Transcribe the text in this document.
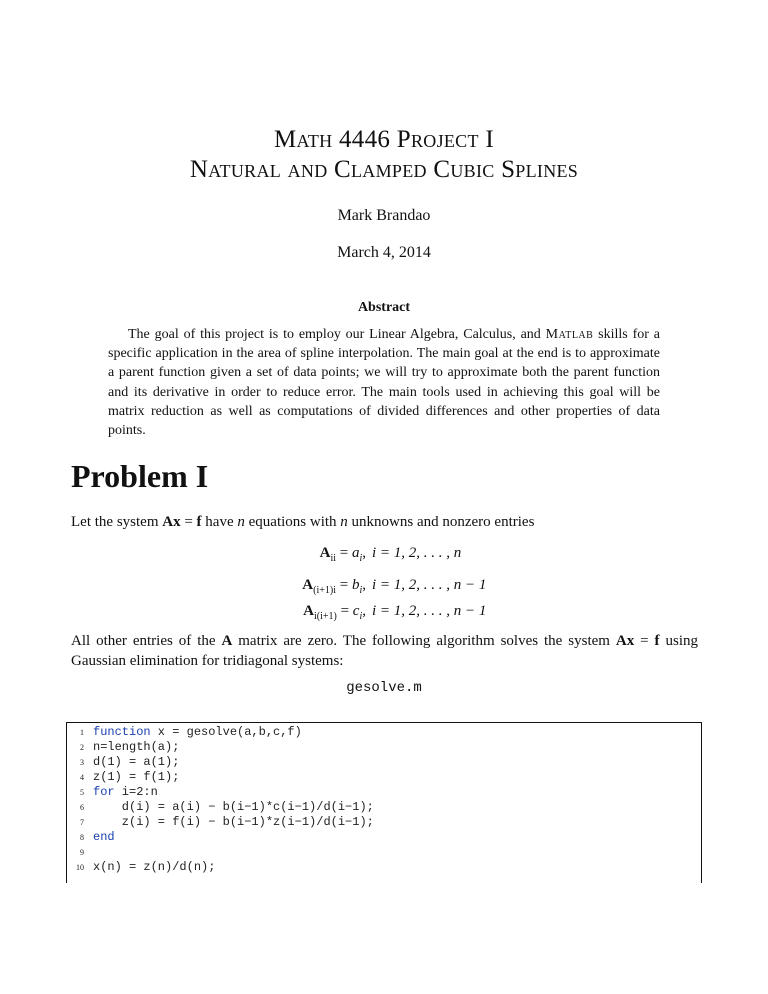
Math 4446 Project I
Natural and Clamped Cubic Splines
Mark Brandao
March 4, 2014
Abstract
The goal of this project is to employ our Linear Algebra, Calculus, and Matlab skills for a specific application in the area of spline interpolation. The main goal at the end is to approximate a parent function given a set of data points; we will try to approximate both the parent function and its derivative in order to reduce error. The main tools used in achieving this goal will be matrix reduction as well as computations of divided differences and other properties of data points.
Problem I
Let the system Ax = f have n equations with n unknowns and nonzero entries
$A_{ii} = a_i$, i = 1, 2, . . . , n
$A_{(i+1)i} = b_i$, i = 1, 2, . . . , n − 1
$A_{i(i+1)} = c_i$, i = 1, 2, . . . , n − 1
All other entries of the A matrix are zero. The following algorithm solves the system Ax = f using Gaussian elimination for tridiagonal systems:
gesolve.m
1 function x = gesolve(a,b,c,f)
2 n=length(a);
3 d(1) = a(1);
4 z(1) = f(1);
5 for i=2:n
6 d(i) = a(i) − b(i−1)*c(i−1)/d(i−1);
7 z(i) = f(i) − b(i−1)*z(i−1)/d(i−1);
8 end
9
10 x(n) = z(n)/d(n);
